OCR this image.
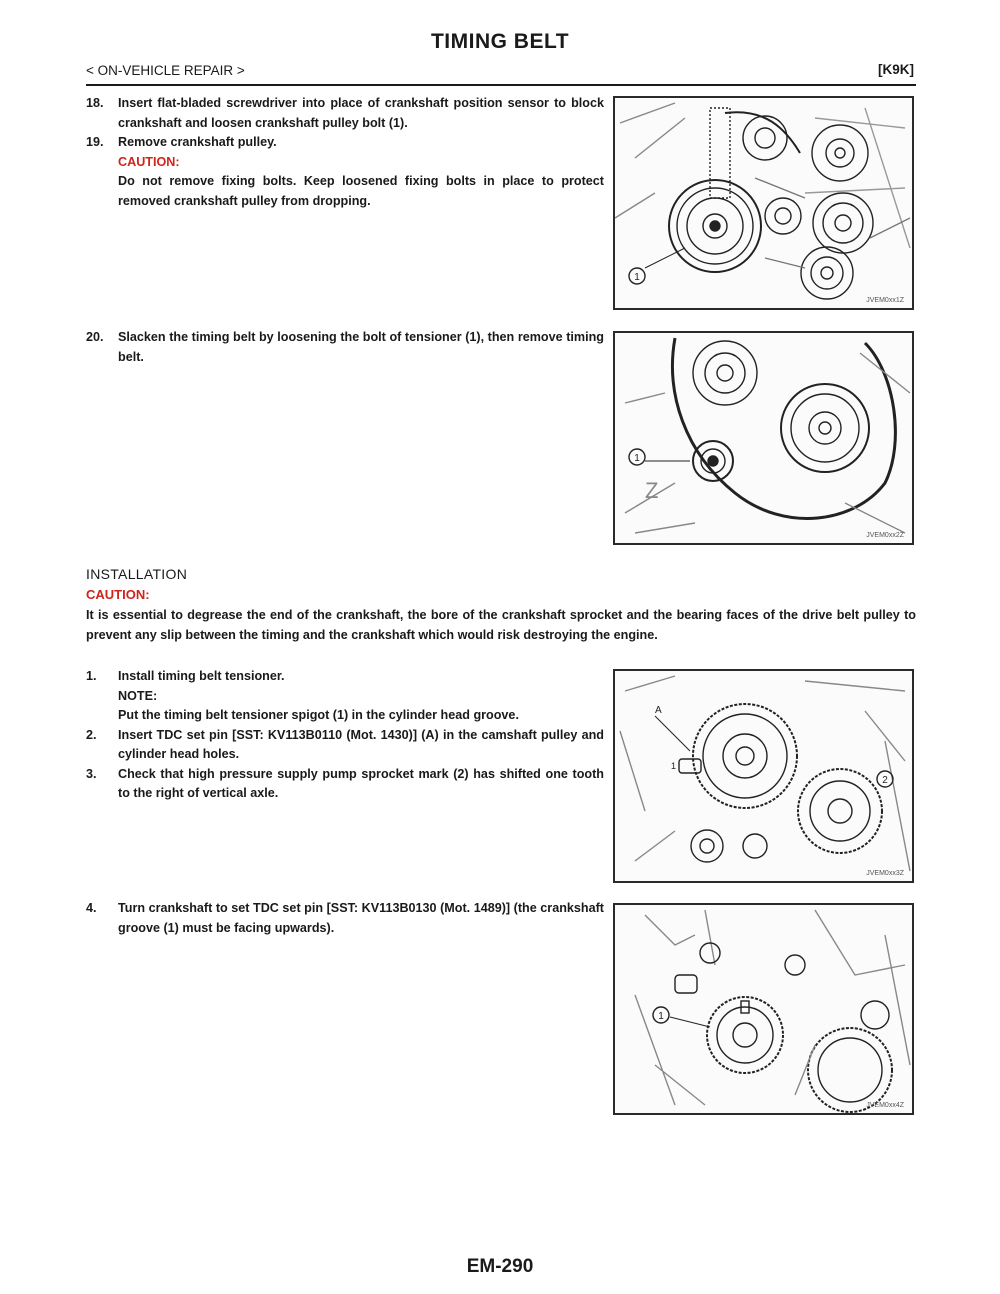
TIMING BELT
< ON-VEHICLE REPAIR >	[K9K]
18.	Insert flat-bladed screwdriver into place of crankshaft position sensor to block crankshaft and loosen crankshaft pulley bolt (1).
19.	Remove crankshaft pulley.
CAUTION:
Do not remove fixing bolts. Keep loosened fixing bolts in place to protect removed crankshaft pulley from dropping.
1
JVEM0xx1Z
20.	Slacken the timing belt by loosening the bolt of tensioner (1), then remove timing belt.
Z
1
JVEM0xx2Z
INSTALLATION
CAUTION:
It is essential to degrease the end of the crankshaft, the bore of the crankshaft sprocket and the bearing faces of the drive belt pulley to prevent any slip between the timing and the crankshaft which would risk destroying the engine.
1.	Install timing belt tensioner.
NOTE:
Put the timing belt tensioner spigot (1) in the cylinder head groove.
2.	Insert TDC set pin [SST: KV113B0110 (Mot. 1430)] (A) in the camshaft pulley and cylinder head holes.
3.	Check that high pressure supply pump sprocket mark (2) has shifted one tooth to the right of vertical axle.
A
1
2
JVEM0xx3Z
4.	Turn crankshaft to set TDC set pin [SST: KV113B0130 (Mot. 1489)] (the crankshaft groove (1) must be facing upwards).
1
JVEM0xx4Z
EM-290
